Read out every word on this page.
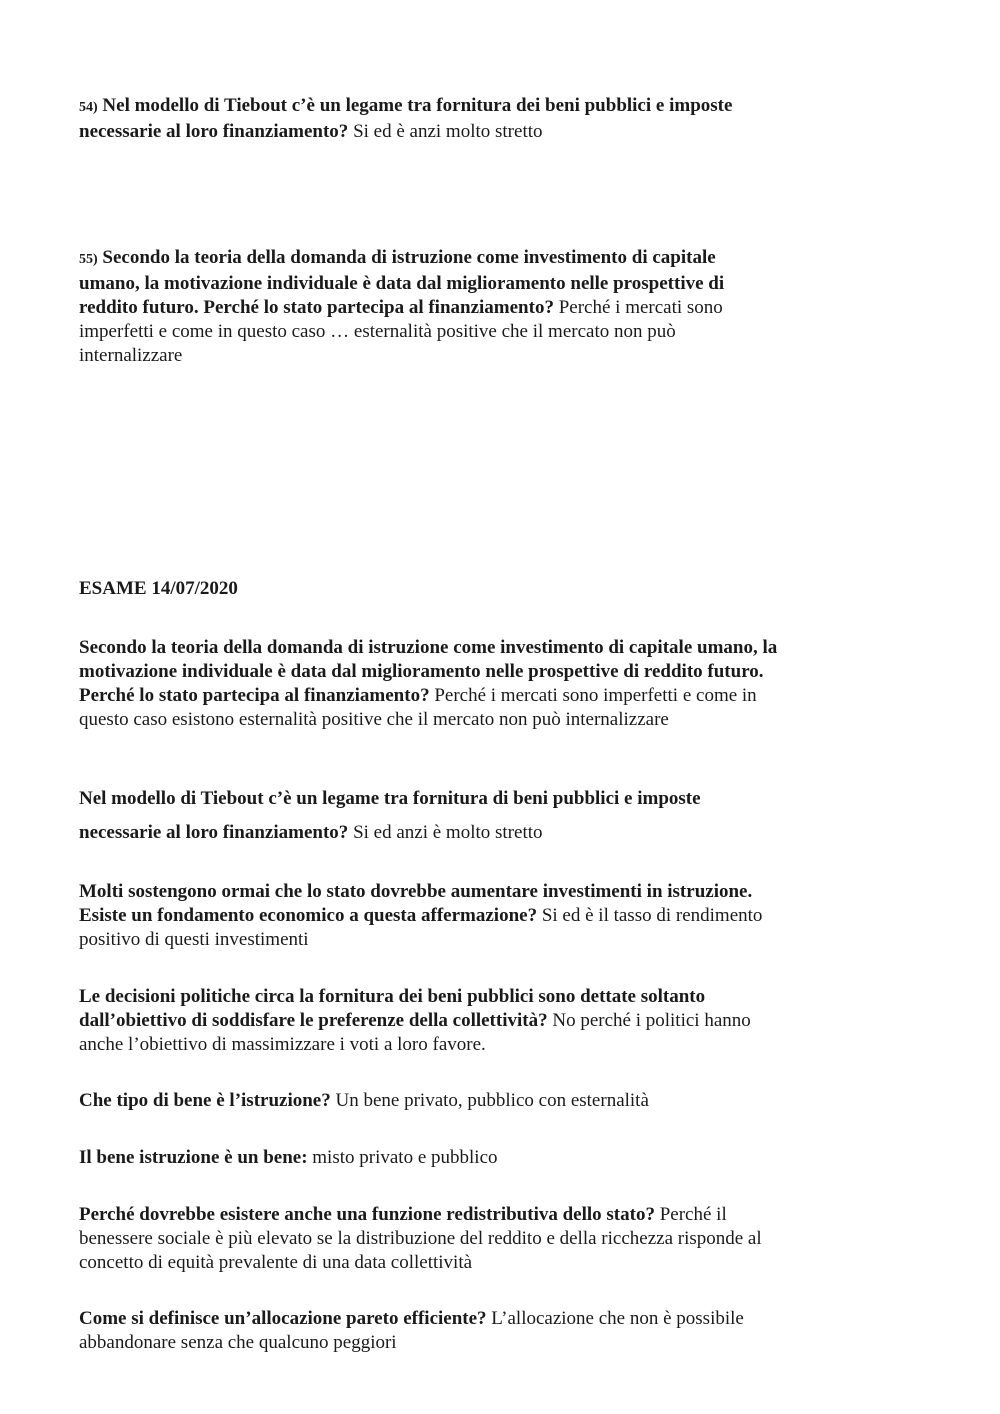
54) Nel modello di Tiebout c’è un legame tra fornitura dei beni pubblici e imposte necessarie al loro finanziamento? Si ed è anzi molto stretto
55) Secondo la teoria della domanda di istruzione come investimento di capitale umano, la motivazione individuale è data dal miglioramento nelle prospettive di reddito futuro. Perché lo stato partecipa al finanziamento? Perché i mercati sono imperfetti e come in questo caso … esternalità positive che il mercato non può internalizzare
ESAME 14/07/2020
Secondo la teoria della domanda di istruzione come investimento di capitale umano, la motivazione individuale è data dal miglioramento nelle prospettive di reddito futuro. Perché lo stato partecipa al finanziamento? Perché i mercati sono imperfetti e come in questo caso esistono esternalità positive che il mercato non può internalizzare
Nel modello di Tiebout c’è un legame tra fornitura di beni pubblici e imposte necessarie al loro finanziamento? Si ed anzi è molto stretto
Molti sostengono ormai che lo stato dovrebbe aumentare investimenti in istruzione. Esiste un fondamento economico a questa affermazione? Si ed è il tasso di rendimento positivo di questi investimenti
Le decisioni politiche circa la fornitura dei beni pubblici sono dettate soltanto dall’obiettivo di soddisfare le preferenze della collettività? No perché i politici hanno anche l’obiettivo di massimizzare i voti a loro favore.
Che tipo di bene è l’istruzione? Un bene privato, pubblico con esternalità
Il bene istruzione è un bene: misto privato e pubblico
Perché dovrebbe esistere anche una funzione redistributiva dello stato? Perché il benessere sociale è più elevato se la distribuzione del reddito e della ricchezza risponde al concetto di equità prevalente di una data collettività
Come si definisce un’allocazione pareto efficiente? L’allocazione che non è possibile abbandonare senza che qualcuno peggiori
